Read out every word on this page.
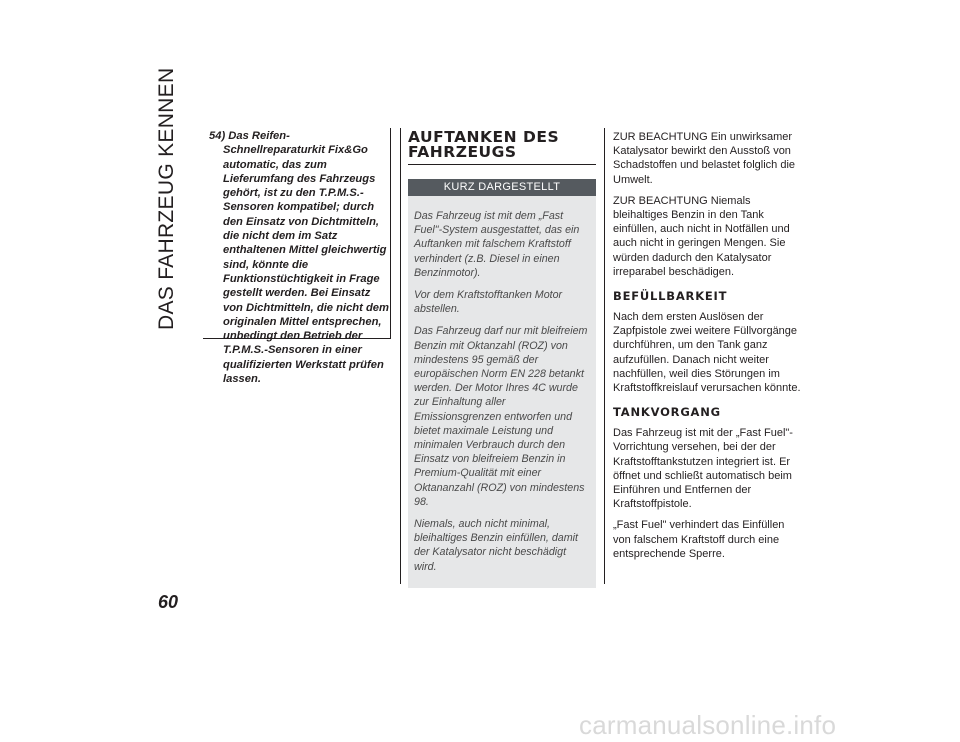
DAS FAHRZEUG KENNEN
60

54) Das Reifen-Schnellreparaturkit Fix&Go automatic, das zum Lieferumfang des Fahrzeugs gehört, ist zu den T.P.M.S.-Sensoren kompatibel; durch den Einsatz von Dichtmitteln, die nicht dem im Satz enthaltenen Mittel gleichwertig sind, könnte die Funktionstüchtigkeit in Frage gestellt werden. Bei Einsatz von Dichtmitteln, die nicht dem originalen Mittel entsprechen, unbedingt den Betrieb der T.P.M.S.-Sensoren in einer qualifizierten Werkstatt prüfen lassen.

AUFTANKEN DES FAHRZEUGS
KURZ DARGESTELLT

Das Fahrzeug ist mit dem „Fast Fuel"-System ausgestattet, das ein Auftanken mit falschem Kraftstoff verhindert (z.B. Diesel in einen Benzinmotor).

Vor dem Kraftstofftanken Motor abstellen.

Das Fahrzeug darf nur mit bleifreiem Benzin mit Oktanzahl (ROZ) von mindestens 95 gemäß der europäischen Norm EN 228 betankt werden. Der Motor Ihres 4C wurde zur Einhaltung aller Emissionsgrenzen entworfen und bietet maximale Leistung und minimalen Verbrauch durch den Einsatz von bleifreiem Benzin in Premium-Qualität mit einer Oktananzahl (ROZ) von mindestens 98.

Niemals, auch nicht minimal, bleihaltiges Benzin einfüllen, damit der Katalysator nicht beschädigt wird.

ZUR BEACHTUNG Ein unwirksamer Katalysator bewirkt den Ausstoß von Schadstoffen und belastet folglich die Umwelt.

ZUR BEACHTUNG Niemals bleihaltiges Benzin in den Tank einfüllen, auch nicht in Notfällen und auch nicht in geringen Mengen. Sie würden dadurch den Katalysator irreparabel beschädigen.

BEFÜLLBARKEIT

Nach dem ersten Auslösen der Zapfpistole zwei weitere Füllvorgänge durchführen, um den Tank ganz aufzufüllen. Danach nicht weiter nachfüllen, weil dies Störungen im Kraftstoffkreislauf verursachen könnte.

TANKVORGANG

Das Fahrzeug ist mit der „Fast Fuel"-Vorrichtung versehen, bei der der Kraftstofftankstutzen integriert ist. Er öffnet und schließt automatisch beim Einführen und Entfernen der Kraftstoffpistole.

„Fast Fuel" verhindert das Einfüllen von falschem Kraftstoff durch eine entsprechende Sperre.

carmanualsonline.info
